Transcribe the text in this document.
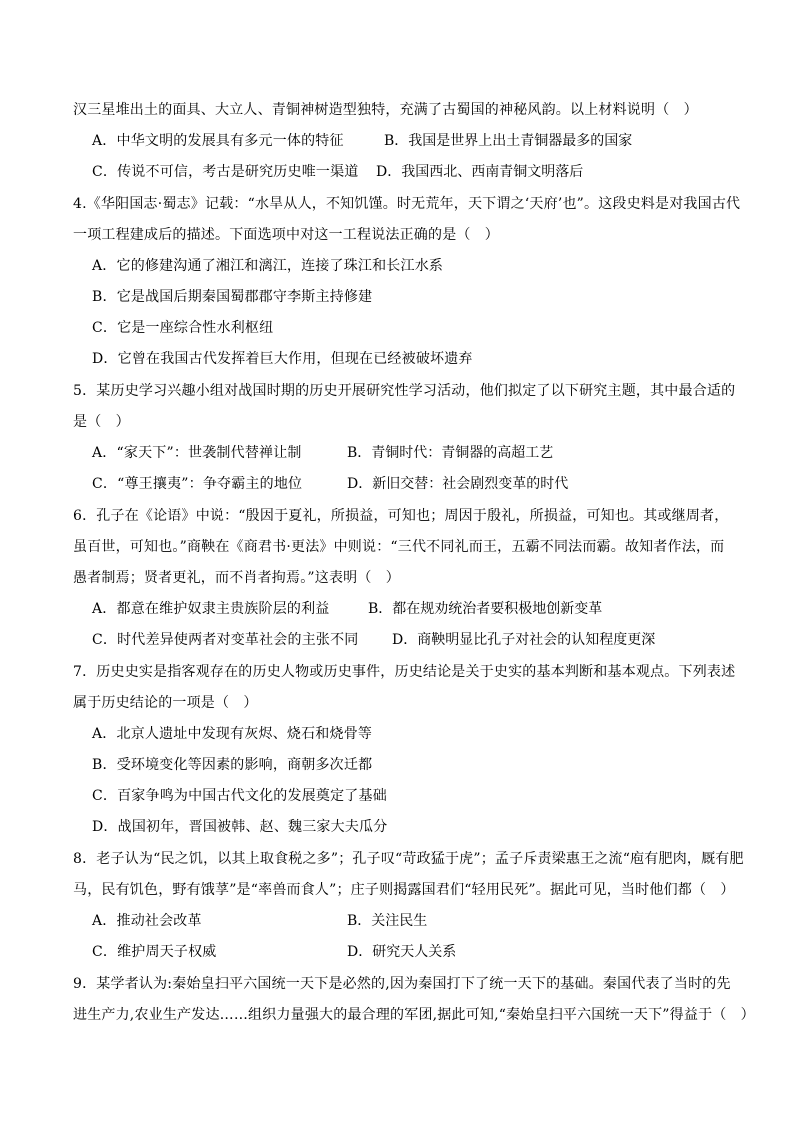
汉三星堆出土的面具、大立人、青铜神树造型独特，充满了古蜀国的神秘风韵。以上材料说明（　）
A．中华文明的发展具有多元一体的特征	B．我国是世界上出土青铜器最多的国家
C．传说不可信，考古是研究历史唯一渠道 D．我国西北、西南青铜文明落后
4.《华阳国志·蜀志》记载：“水旱从人，不知饥馑。时无荒年，天下谓之‘天府’也”。这段史料是对我国古代
一项工程建成后的描述。下面选项中对这一工程说法正确的是（　）
A．它的修建沟通了湘江和漓江，连接了珠江和长江水系
B．它是战国后期秦国蜀郡郡守李斯主持修建
C．它是一座综合性水利枢纽
D．它曾在我国古代发挥着巨大作用，但现在已经被破坏遗弃
5．某历史学习兴趣小组对战国时期的历史开展研究性学习活动，他们拟定了以下研究主题，其中最合适的
是（　）
A．“家天下”：世袭制代替禅让制	B．青铜时代：青铜器的高超工艺
C．“尊王攘夷”：争夺霸主的地位	D．新旧交替：社会剧烈变革的时代
6．孔子在《论语》中说：“殷因于夏礼，所损益，可知也；周因于殷礼，所损益，可知也。其或继周者，
虽百世，可知也。”商鞅在《商君书·更法》中则说：“三代不同礼而王，五霸不同法而霸。故知者作法，而
愚者制焉；贤者更礼，而不肖者拘焉。”这表明（　）
A．都意在维护奴隶主贵族阶层的利益	B．都在规劝统治者要积极地创新变革
C．时代差异使两者对变革社会的主张不同 D．商鞅明显比孔子对社会的认知程度更深
7．历史史实是指客观存在的历史人物或历史事件，历史结论是关于史实的基本判断和基本观点。下列表述
属于历史结论的一项是（　）
A．北京人遗址中发现有灰烬、烧石和烧骨等
B．受环境变化等因素的影响，商朝多次迁都
C．百家争鸣为中国古代文化的发展奠定了基础
D．战国初年，晋国被韩、赵、魏三家大夫瓜分
8．老子认为“民之饥，以其上取食税之多”；孔子叹“苛政猛于虎”；孟子斥责梁惠王之流“庖有肥肉，厩有肥
马，民有饥色，野有饿莩”是“率兽而食人”；庄子则揭露国君们“轻用民死”。据此可见，当时他们都（　）
A．推动社会改革	B．关注民生
C．维护周天子权威	D．研究天人关系
9．某学者认为:秦始皇扫平六国统一天下是必然的,因为秦国打下了统一天下的基础。秦国代表了当时的先
进生产力,农业生产发达……组织力量强大的最合理的军团,据此可知,“秦始皇扫平六国统一天下”得益于（　）
